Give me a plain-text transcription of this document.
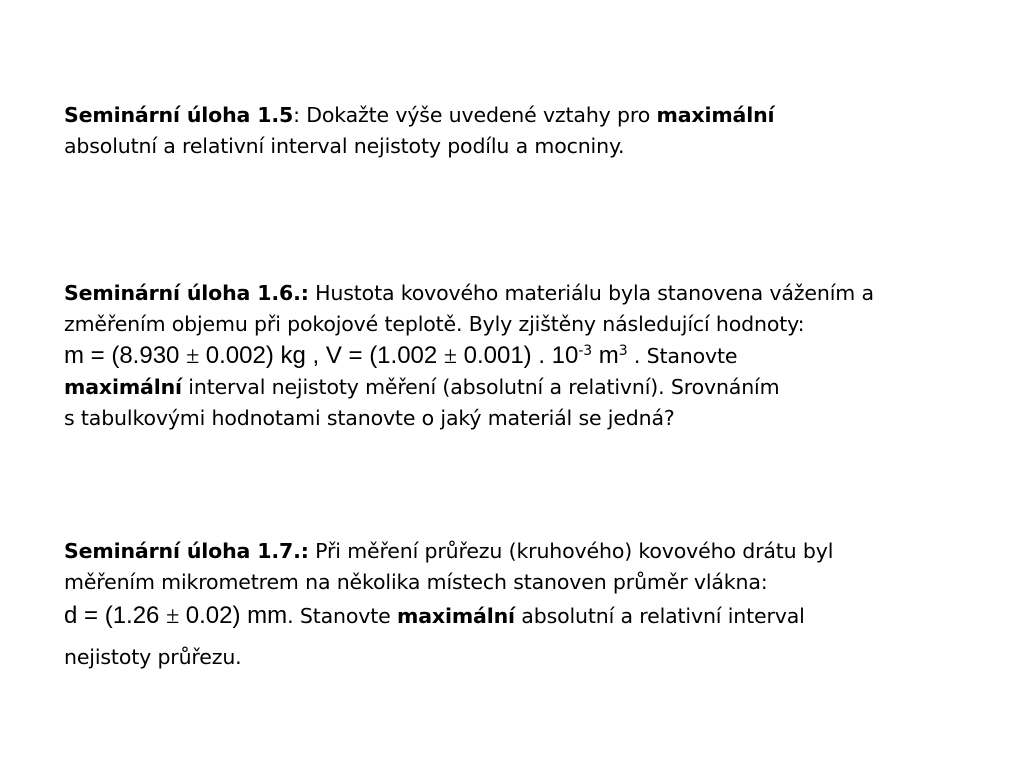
Seminární úloha 1.5: Dokažte výše uvedené vztahy pro maximální
absolutní a relativní interval nejistoty podílu a mocniny.
Seminární úloha 1.6.: Hustota kovového materiálu byla stanovena vážením a
změřením objemu při pokojové teplotě. Byly zjištěny následující hodnoty:
m = (8.930 ± 0.002) kg , V = (1.002 ± 0.001) . $10^{-3}$ $m^3$ . Stanovte
maximální interval nejistoty měření (absolutní a relativní). Srovnáním
s tabulkovými hodnotami stanovte o jaký materiál se jedná?
Seminární úloha 1.7.: Při měření průřezu (kruhového) kovového drátu byl
měřením mikrometrem na několika místech stanoven průměr vlákna:
d = (1.26 ± 0.02) mm. Stanovte maximální absolutní a relativní interval
nejistoty průřezu.
